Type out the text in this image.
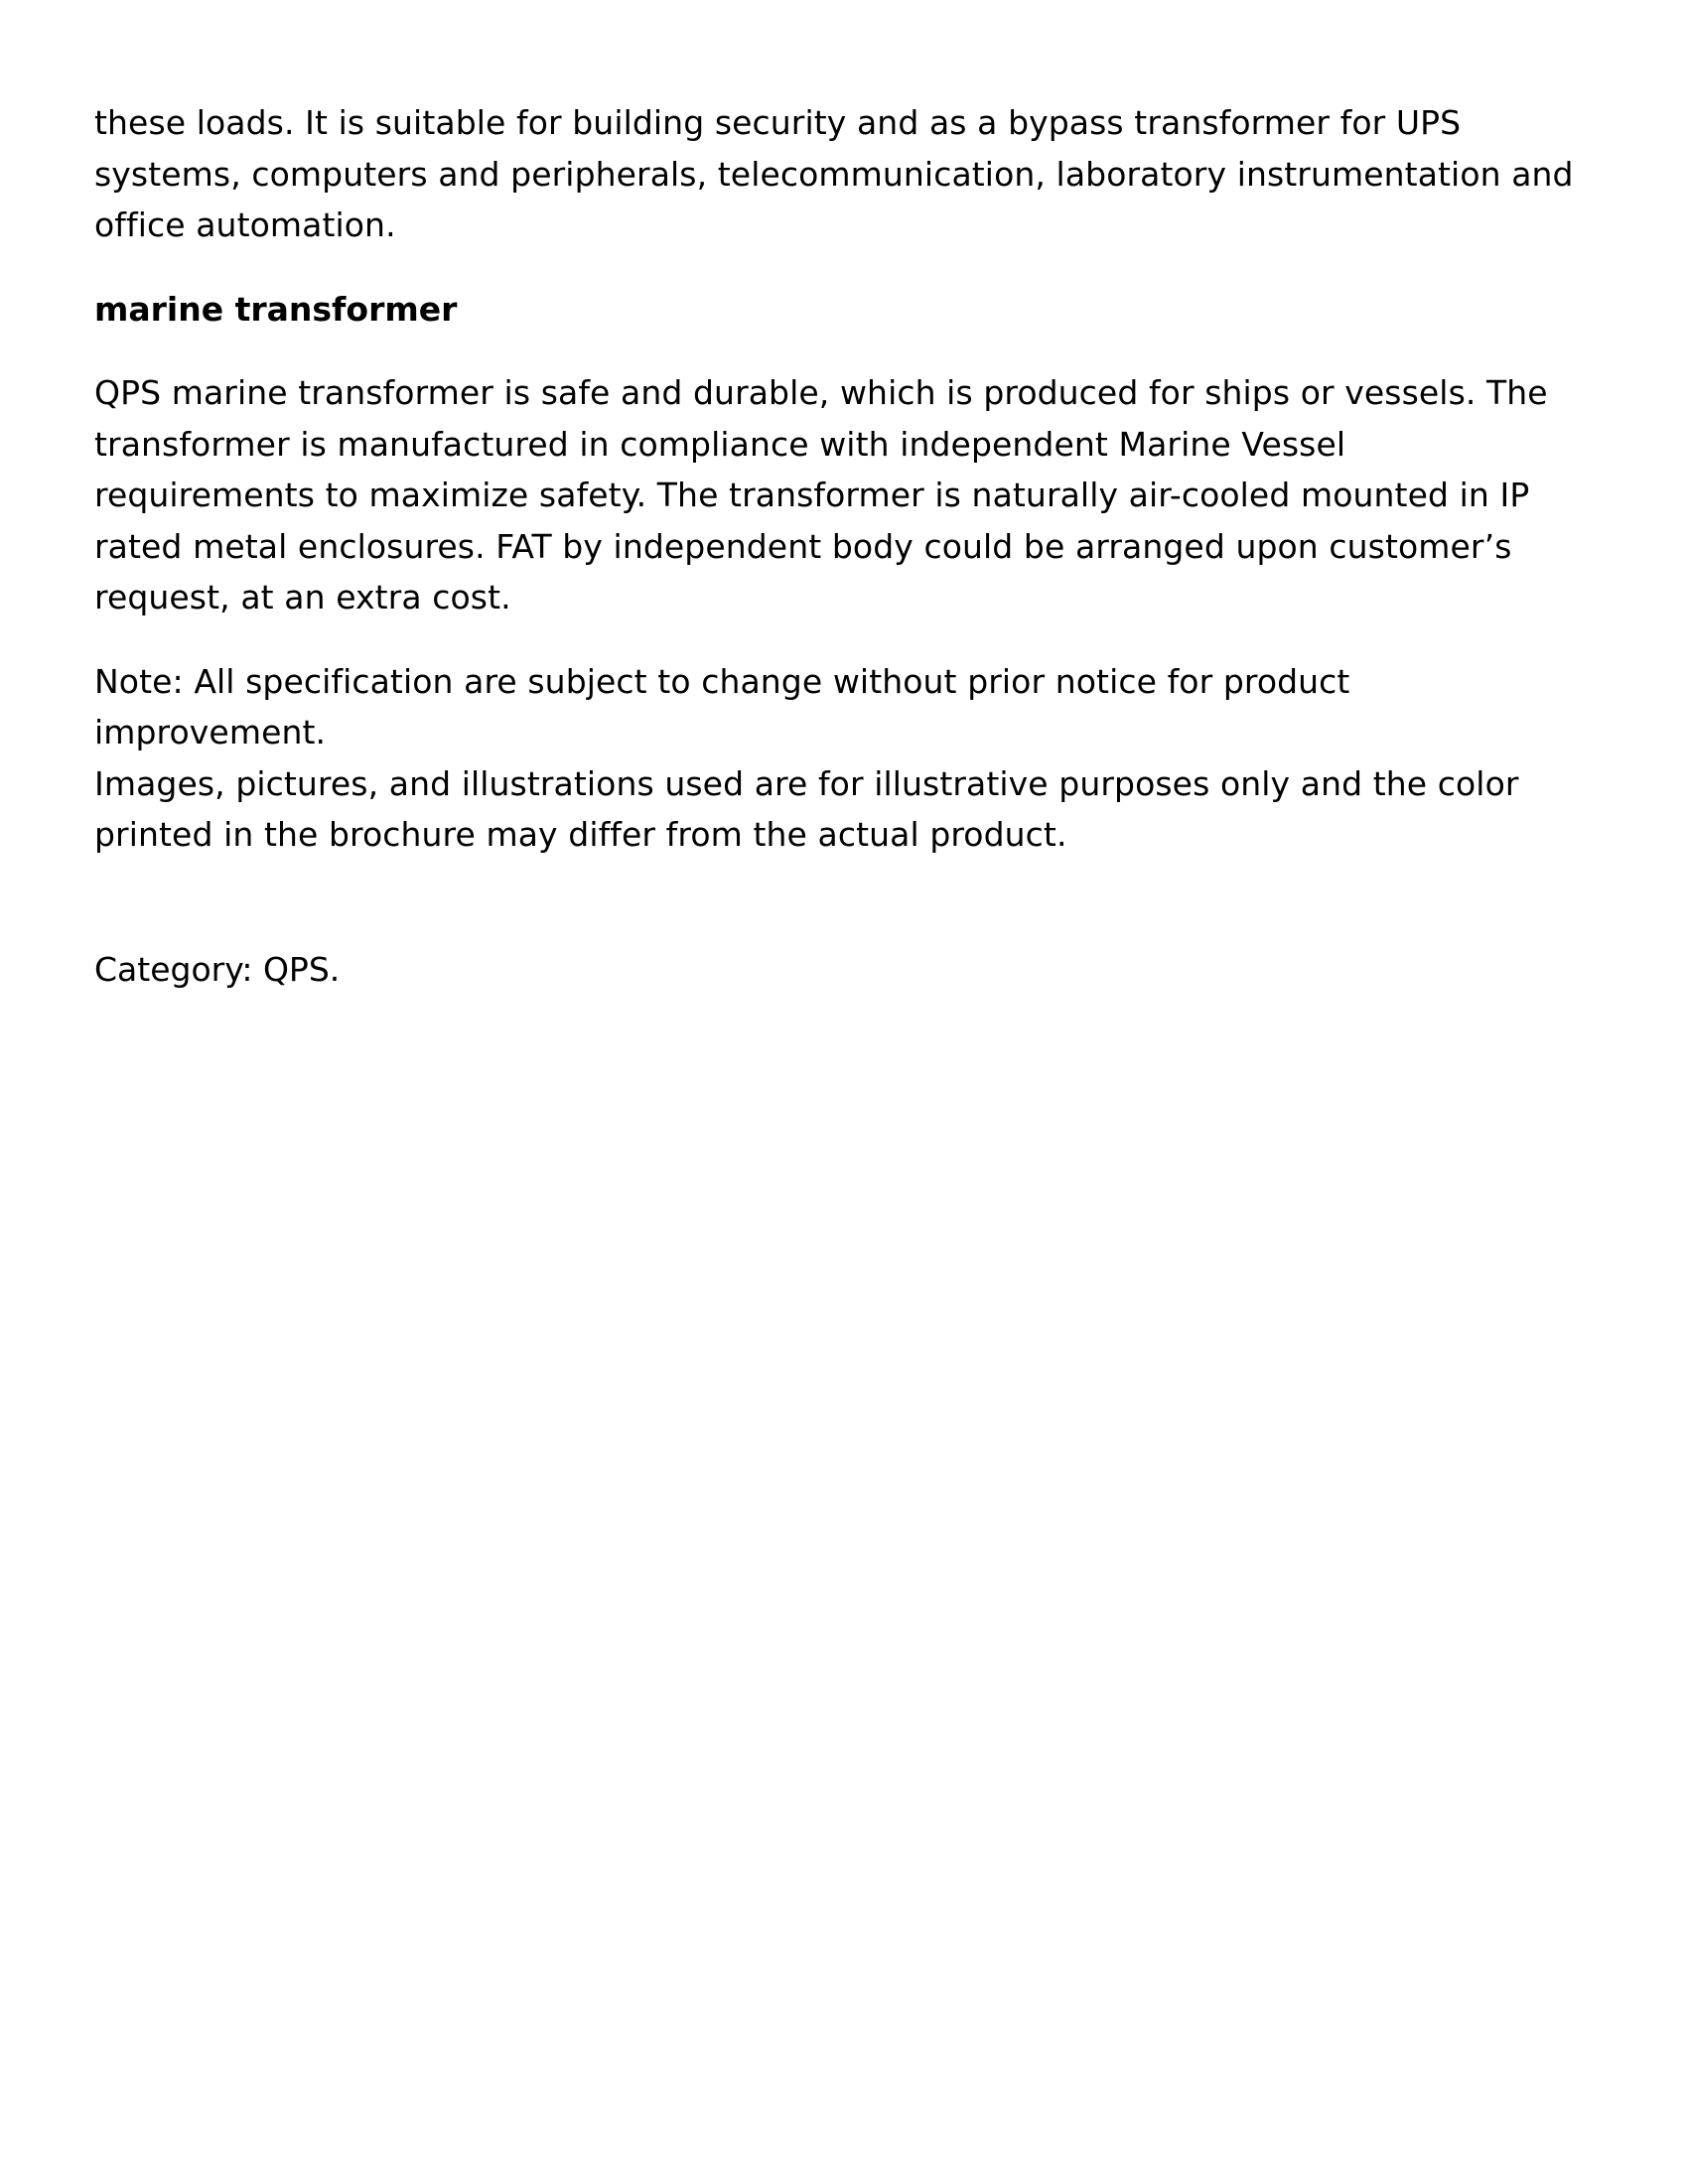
these loads. It is suitable for building security and as a bypass transformer for UPS
systems, computers and peripherals, telecommunication, laboratory instrumentation and
office automation.

marine transformer

QPS marine transformer is safe and durable, which is produced for ships or vessels. The
transformer is manufactured in compliance with independent Marine Vessel
requirements to maximize safety. The transformer is naturally air-cooled mounted in IP
rated metal enclosures. FAT by independent body could be arranged upon customer’s
request, at an extra cost.

Note: All specification are subject to change without prior notice for product
improvement.
Images, pictures, and illustrations used are for illustrative purposes only and the color
printed in the brochure may differ from the actual product.

Category: QPS.
